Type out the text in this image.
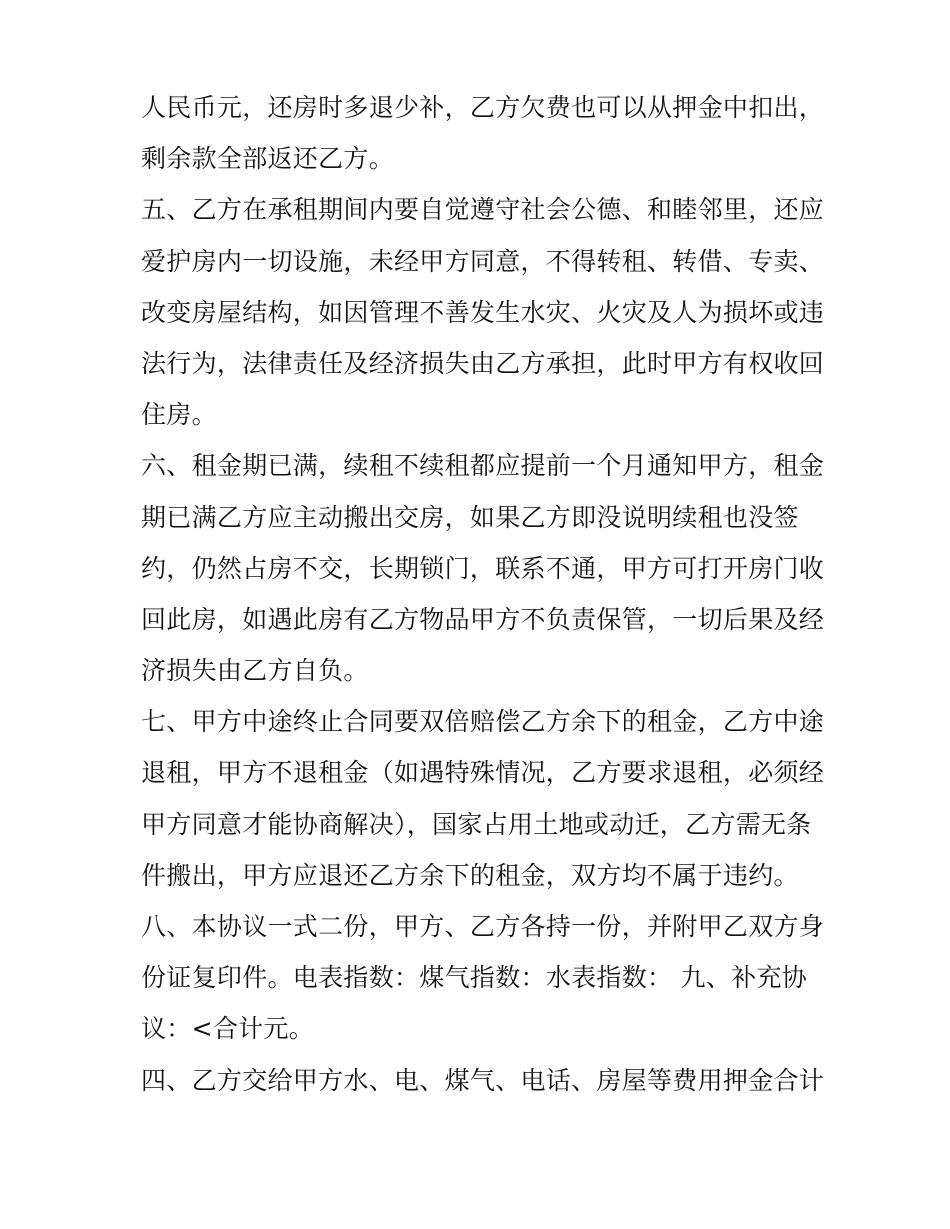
人民币元，还房时多退少补，乙方欠费也可以从押金中扣出，
剩余款全部返还乙方。
五、乙方在承租期间内要自觉遵守社会公德、和睦邻里，还应
爱护房内一切设施，未经甲方同意，不得转租、转借、专卖、
改变房屋结构，如因管理不善发生水灾、火灾及人为损坏或违
法行为，法律责任及经济损失由乙方承担，此时甲方有权收回
住房。
六、租金期已满，续租不续租都应提前一个月通知甲方，租金
期已满乙方应主动搬出交房，如果乙方即没说明续租也没签
约，仍然占房不交，长期锁门，联系不通，甲方可打开房门收
回此房，如遇此房有乙方物品甲方不负责保管，一切后果及经
济损失由乙方自负。
七、甲方中途终止合同要双倍赔偿乙方余下的租金，乙方中途
退租，甲方不退租金（如遇特殊情况，乙方要求退租，必须经
甲方同意才能协商解决），国家占用土地或动迁，乙方需无条
件搬出，甲方应退还乙方余下的租金，双方均不属于违约。
八、本协议一式二份，甲方、乙方各持一份，并附甲乙双方身
份证复印件。电表指数：煤气指数：水表指数： 九、补充协
议：<合计元。
四、乙方交给甲方水、电、煤气、电话、房屋等费用押金合计
